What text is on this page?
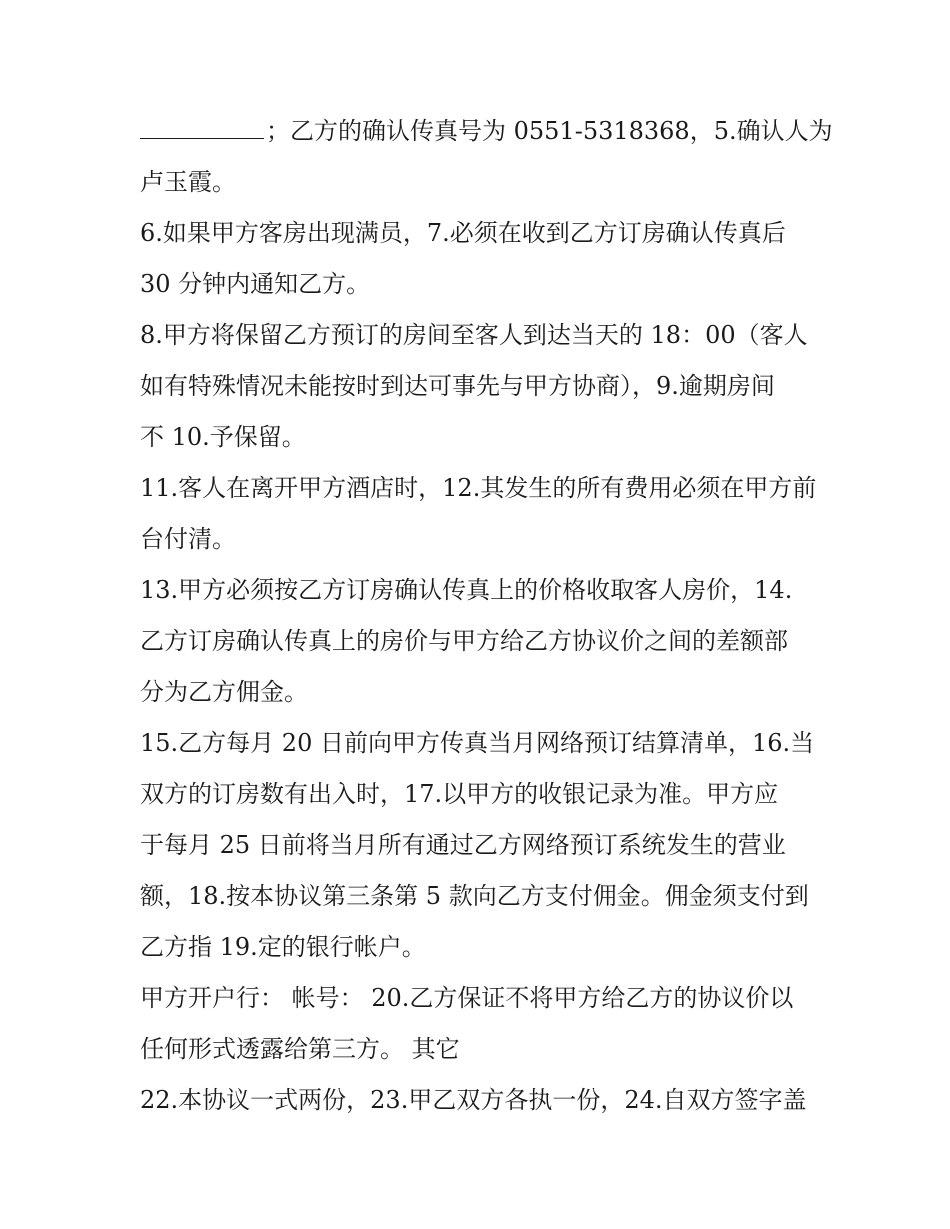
；乙方的确认传真号为 0551-5318368，5.确认人为
卢玉霞。
6.如果甲方客房出现满员，7.必须在收到乙方订房确认传真后
30 分钟内通知乙方。
8.甲方将保留乙方预订的房间至客人到达当天的 18：00（客人
如有特殊情况未能按时到达可事先与甲方协商），9.逾期房间
不 10.予保留。
11.客人在离开甲方酒店时，12.其发生的所有费用必须在甲方前
台付清。
13.甲方必须按乙方订房确认传真上的价格收取客人房价，14.
乙方订房确认传真上的房价与甲方给乙方协议价之间的差额部
分为乙方佣金。
15.乙方每月 20 日前向甲方传真当月网络预订结算清单，16.当
双方的订房数有出入时，17.以甲方的收银记录为准。甲方应
于每月 25 日前将当月所有通过乙方网络预订系统发生的营业
额，18.按本协议第三条第 5 款向乙方支付佣金。佣金须支付到
乙方指 19.定的银行帐户。
甲方开户行： 帐号： 20.乙方保证不将甲方给乙方的协议价以
任何形式透露给第三方。 其它
22.本协议一式两份，23.甲乙双方各执一份，24.自双方签字盖
